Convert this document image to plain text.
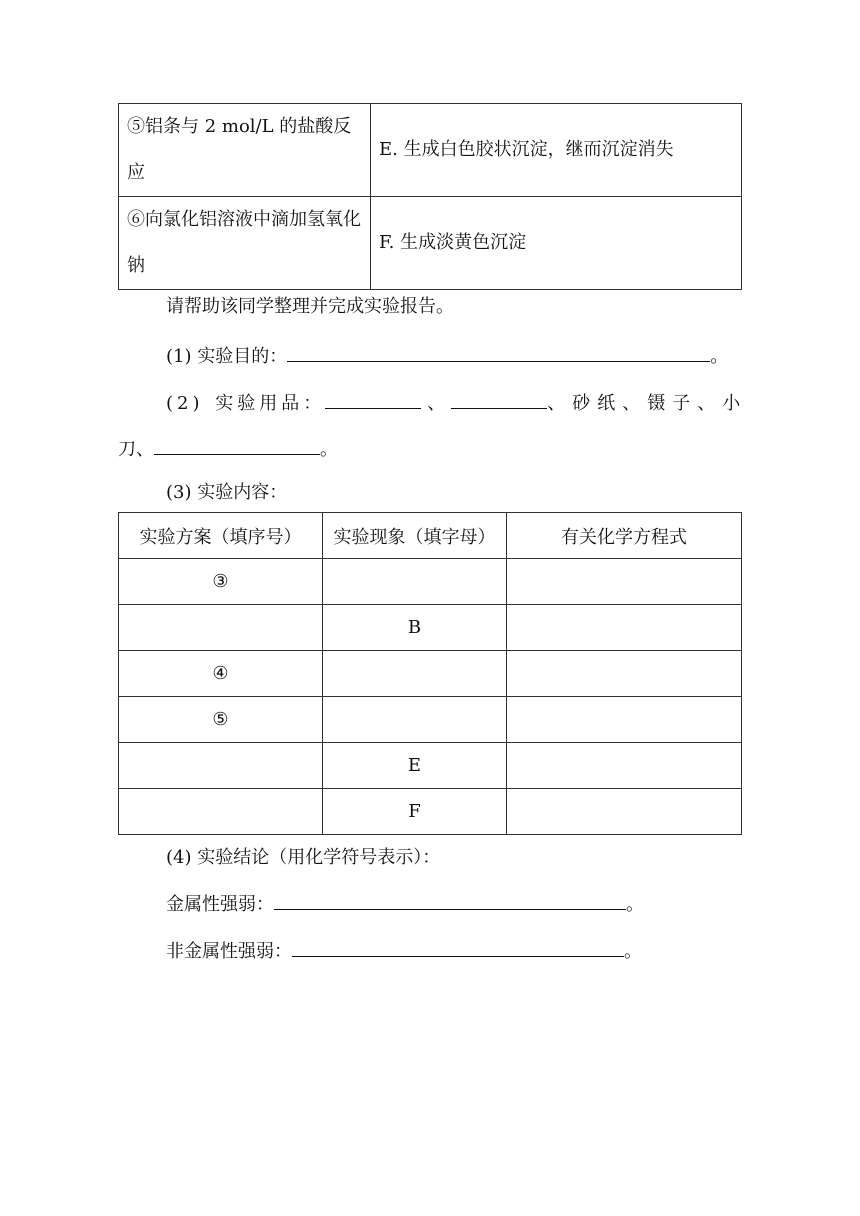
⑤铝条与 2 mol/L 的盐酸反应	E. 生成白色胶状沉淀，继而沉淀消失
⑥向氯化铝溶液中滴加氢氧化钠	F. 生成淡黄色沉淀
请帮助该同学整理并完成实验报告。
(1) 实验目的：	。
(2) 实验用品：	、	、砂纸、镊子、小
刀、	。
(3) 实验内容：
实验方案（填序号）	实验现象（填字母）	有关化学方程式
③		
	B	
④		
⑤		
	E	
	F	
(4) 实验结论（用化学符号表示）：
金属性强弱：	。
非金属性强弱：	。
